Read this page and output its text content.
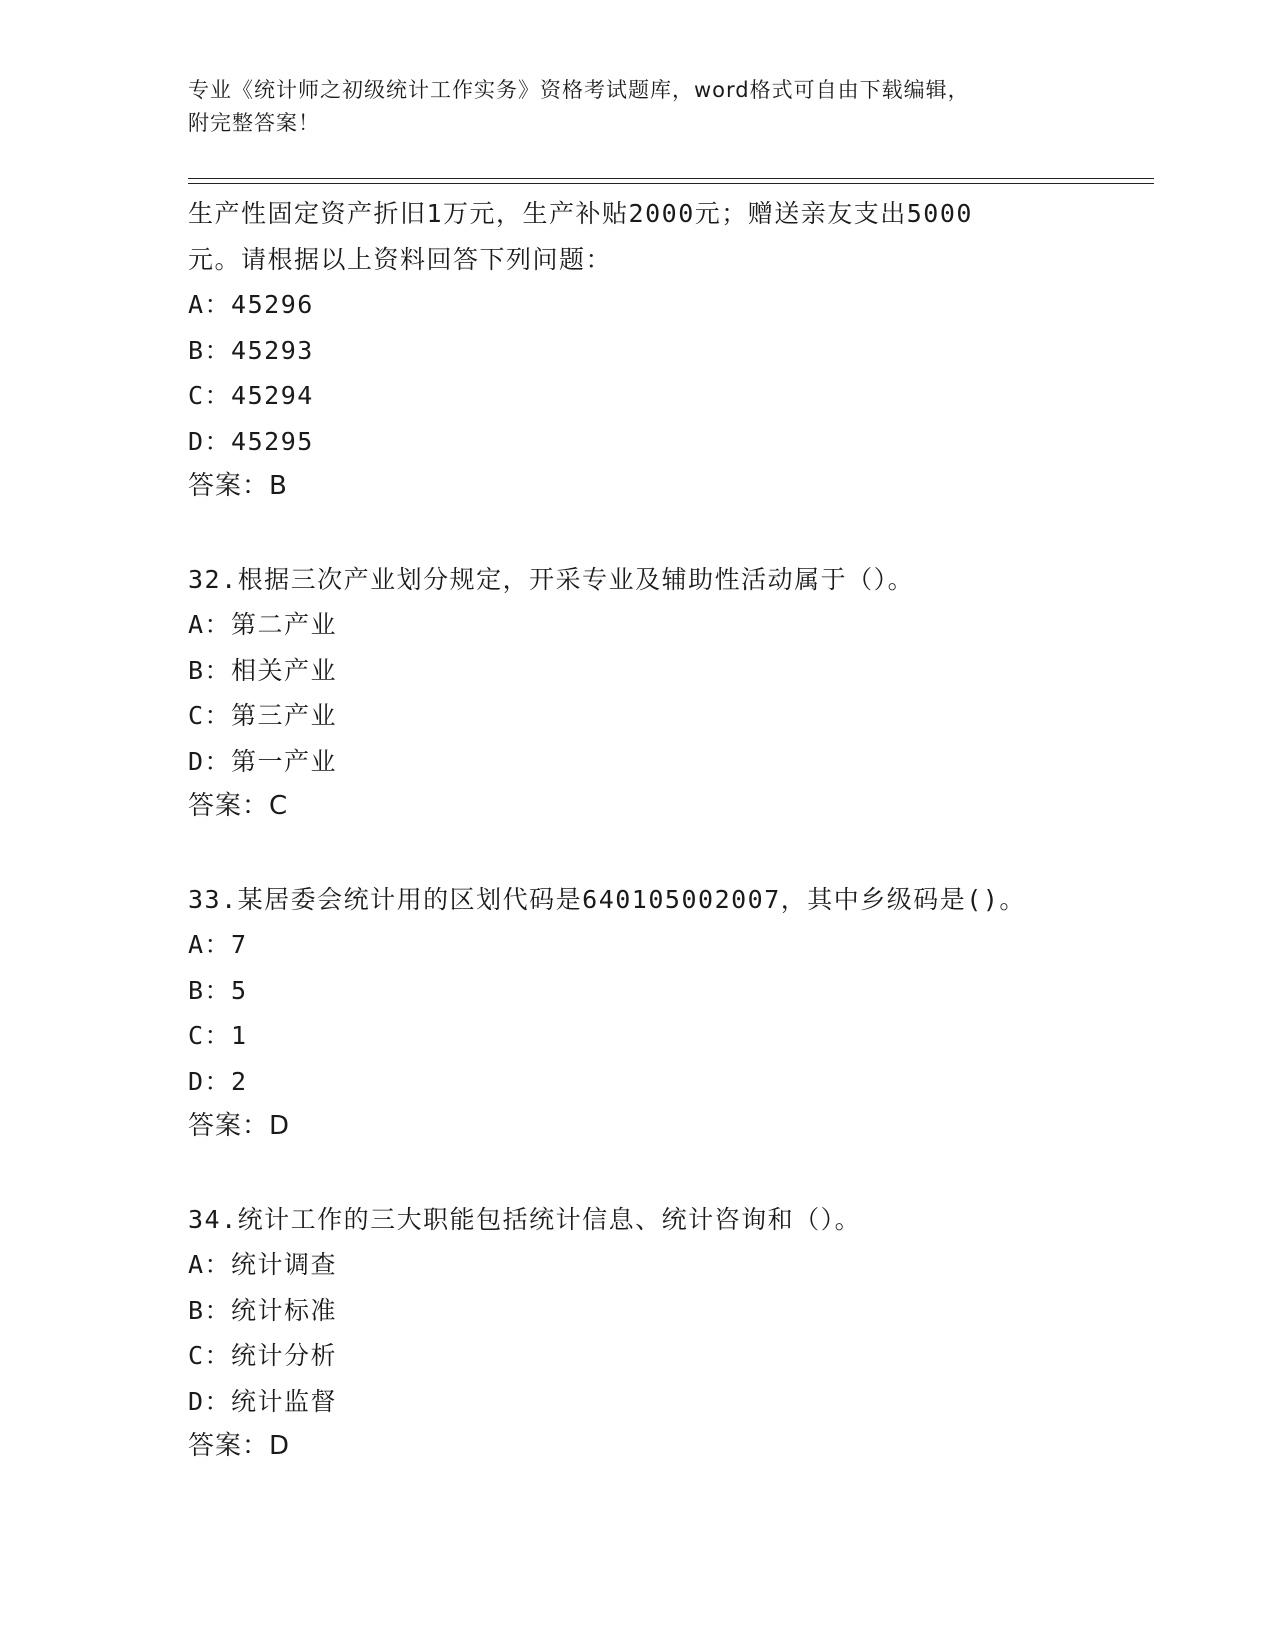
专业《统计师之初级统计工作实务》资格考试题库，word格式可自由下载编辑，
附完整答案！
生产性固定资产折旧1万元，生产补贴2000元；赠送亲友支出5000
元。请根据以上资料回答下列问题：
A：45296
B：45293
C：45294
D：45295
答案：B
32.根据三次产业划分规定，开采专业及辅助性活动属于（）。
A：第二产业
B：相关产业
C：第三产业
D：第一产业
答案：C
33.某居委会统计用的区划代码是640105002007，其中乡级码是()。
A：7
B：5
C：1
D：2
答案：D
34.统计工作的三大职能包括统计信息、统计咨询和（）。
A：统计调查
B：统计标准
C：统计分析
D：统计监督
答案：D
